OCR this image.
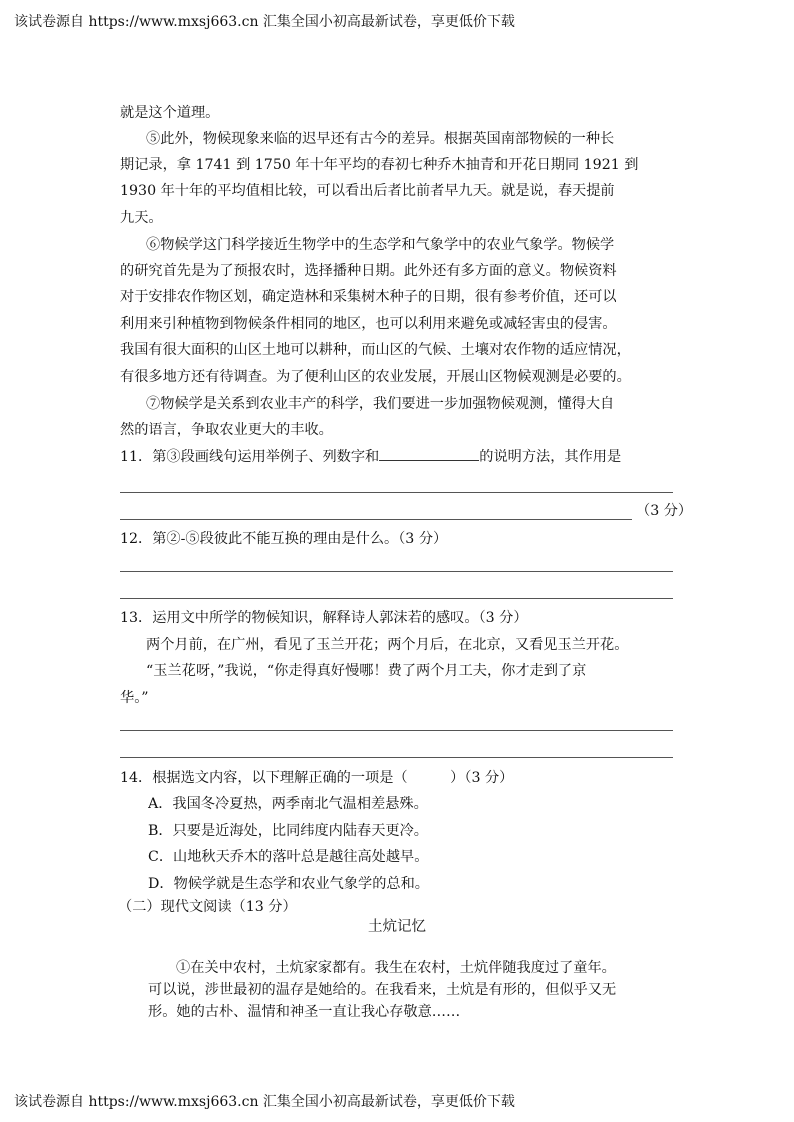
该试卷源自 https://www.mxsj663.cn 汇集全国小初高最新试卷，享更低价下载
就是这个道理。
⑤此外，物候现象来临的迟早还有古今的差异。根据英国南部物候的一种长
期记录，拿 1741 到 1750 年十年平均的春初七种乔木抽青和开花日期同 1921 到
1930 年十年的平均值相比较，可以看出后者比前者早九天。就是说，春天提前
九天。
⑥物候学这门科学接近生物学中的生态学和气象学中的农业气象学。物候学
的研究首先是为了预报农时，选择播种日期。此外还有多方面的意义。物候资料
对于安排农作物区划，确定造林和采集树木种子的日期，很有参考价值，还可以
利用来引种植物到物候条件相同的地区，也可以利用来避免或减轻害虫的侵害。
我国有很大面积的山区土地可以耕种，而山区的气候、土壤对农作物的适应情况，
有很多地方还有待调查。为了便利山区的农业发展，开展山区物候观测是必要的。
⑦物候学是关系到农业丰产的科学，我们要进一步加强物候观测，懂得大自
然的语言，争取农业更大的丰收。
11．第③段画线句运用举例子、列数字和	的说明方法，其作用是
（3 分）
12．第②-⑤段彼此不能互换的理由是什么。（3 分）
13．运用文中所学的物候知识，解释诗人郭沫若的感叹。（3 分）
两个月前，在广州，看见了玉兰开花；两个月后，在北京，又看见玉兰开花。
“玉兰花呀，”我说，“你走得真好慢哪！费了两个月工夫，你才走到了京
华。”
14．根据选文内容，以下理解正确的一项是（　　　）（3 分）
A．我国冬冷夏热，两季南北气温相差悬殊。
B．只要是近海处，比同纬度内陆春天更冷。
C．山地秋天乔木的落叶总是越往高处越早。
D．物候学就是生态学和农业气象学的总和。
（二）现代文阅读（13 分）
土炕记忆
①在关中农村，土炕家家都有。我生在农村，土炕伴随我度过了童年。
可以说，涉世最初的温存是她给的。在我看来，土炕是有形的，但似乎又无
形。她的古朴、温情和神圣一直让我心存敬意……
该试卷源自 https://www.mxsj663.cn 汇集全国小初高最新试卷，享更低价下载
